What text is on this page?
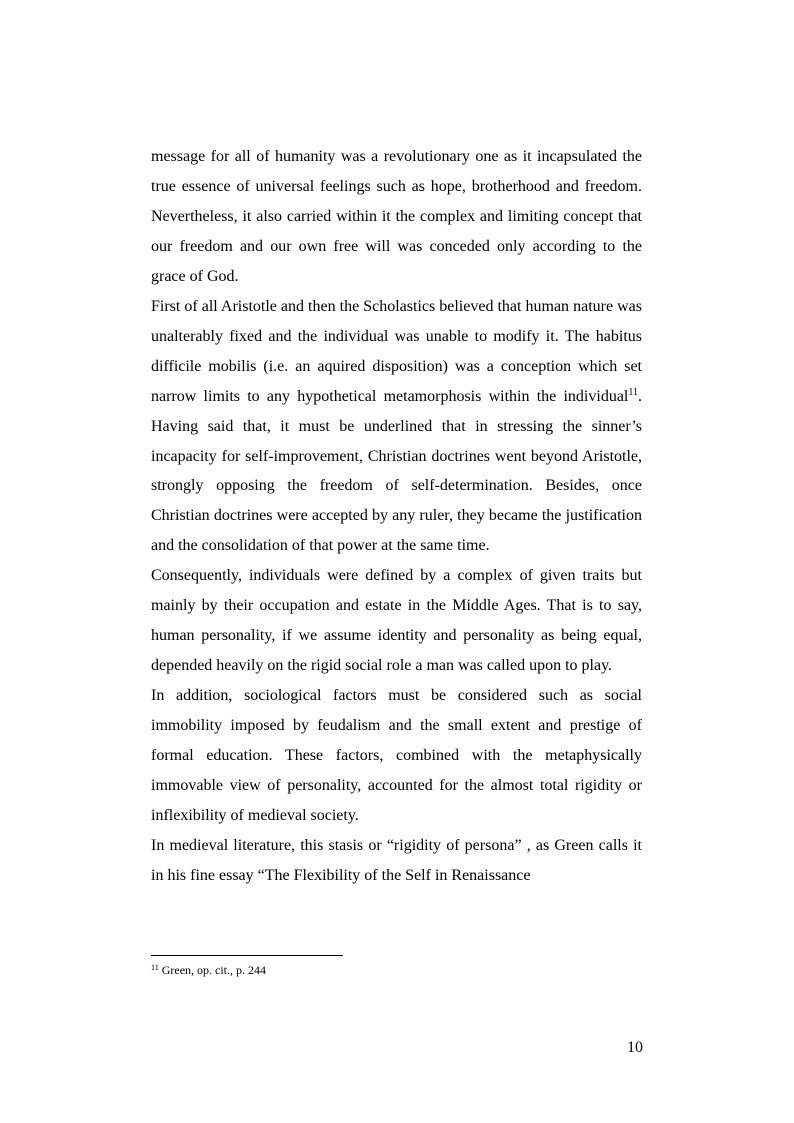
message for all of humanity was a revolutionary one as it incapsulated the true essence of universal feelings such as hope, brotherhood and freedom. Nevertheless, it also carried within it the complex and limiting concept that our freedom and our own free will was conceded only according to the grace of God.

First of all Aristotle and then the Scholastics believed that human nature was unalterably fixed and the individual was unable to modify it. The habitus difficile mobilis (i.e. an aquired disposition) was a conception which set narrow limits to any hypothetical metamorphosis within the individual$^{11}$. Having said that, it must be underlined that in stressing the sinner’s incapacity for self-improvement, Christian doctrines went beyond Aristotle, strongly opposing the freedom of self-determination. Besides, once Christian doctrines were accepted by any ruler, they became the justification and the consolidation of that power at the same time.

Consequently, individuals were defined by a complex of given traits but mainly by their occupation and estate in the Middle Ages. That is to say, human personality, if we assume identity and personality as being equal, depended heavily on the rigid social role a man was called upon to play.

In addition, sociological factors must be considered such as social immobility imposed by feudalism and the small extent and prestige of formal education. These factors, combined with the metaphysically immovable view of personality, accounted for the almost total rigidity or inflexibility of medieval society.

In medieval literature, this stasis or “rigidity of persona” , as Green calls it in his fine essay “The Flexibility of the Self in Renaissance

$^{11}$ Green, op. cit., p. 244
10
